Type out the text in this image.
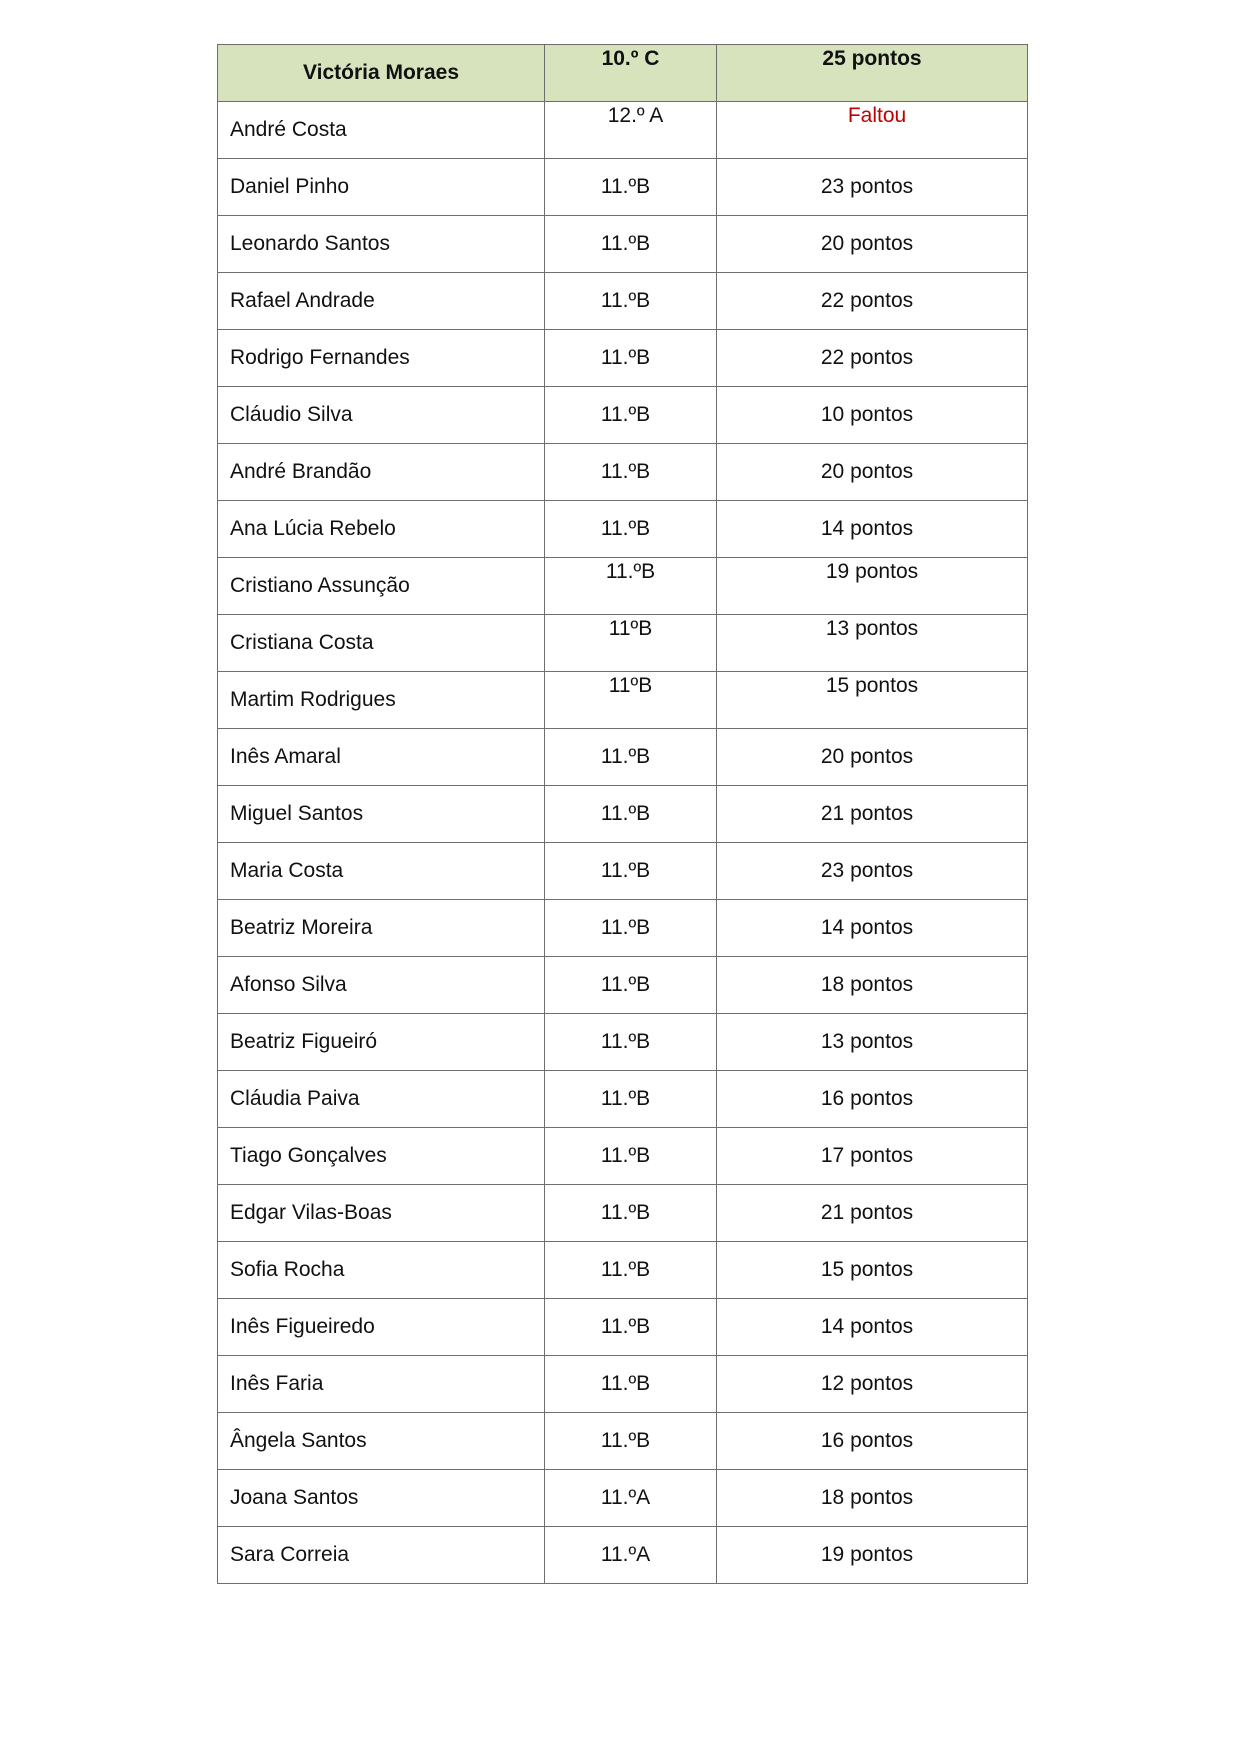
Victória Moraes	10.º C	25 pontos
André Costa	12.º A	Faltou
Daniel Pinho	11.ºB	23 pontos
Leonardo Santos	11.ºB	20 pontos
Rafael Andrade	11.ºB	22 pontos
Rodrigo Fernandes	11.ºB	22 pontos
Cláudio Silva	11.ºB	10 pontos
André Brandão	11.ºB	20 pontos
Ana Lúcia Rebelo	11.ºB	14 pontos
Cristiano Assunção	11.ºB	19 pontos
Cristiana Costa	11ºB	13 pontos
Martim Rodrigues	11ºB	15 pontos
Inês Amaral	11.ºB	20 pontos
Miguel Santos	11.ºB	21 pontos
Maria Costa	11.ºB	23 pontos
Beatriz Moreira	11.ºB	14 pontos
Afonso Silva	11.ºB	18 pontos
Beatriz Figueiró	11.ºB	13 pontos
Cláudia Paiva	11.ºB	16 pontos
Tiago Gonçalves	11.ºB	17 pontos
Edgar Vilas-Boas	11.ºB	21 pontos
Sofia Rocha	11.ºB	15 pontos
Inês Figueiredo	11.ºB	14 pontos
Inês Faria	11.ºB	12 pontos
Ângela Santos	11.ºB	16 pontos
Joana Santos	11.ºA	18 pontos
Sara Correia	11.ºA	19 pontos
